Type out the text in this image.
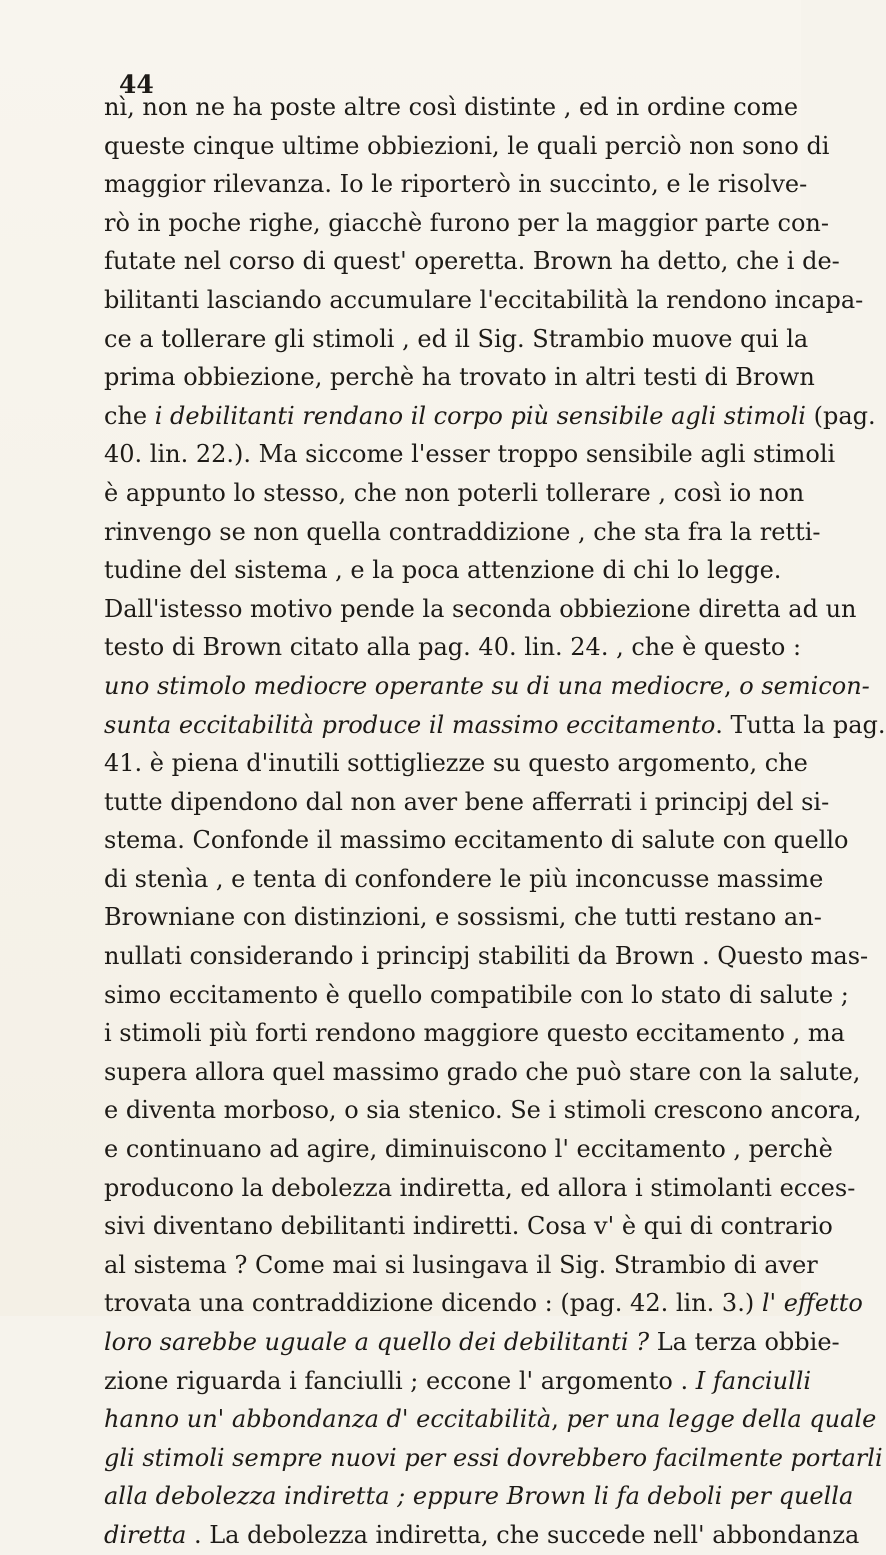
44
nì, non ne ha poste altre così distinte , ed in ordine come
queste cinque ultime obbiezioni, le quali perciò non sono di
maggior rilevanza. Io le riporterò in succinto, e le risolve-
rò in poche righe, giacchè furono per la maggior parte con-
futate nel corso di quest' operetta. Brown ha detto, che i de-
bilitanti lasciando accumulare l'eccitabilità la rendono incapa-
ce a tollerare gli stimoli , ed il Sig. Strambio muove qui la
prima obbiezione, perchè ha trovato in altri testi di Brown
che i debilitanti rendano il corpo più sensibile agli stimoli (pag.
40. lin. 22.). Ma siccome l'esser troppo sensibile agli stimoli
è appunto lo stesso, che non poterli tollerare , così io non
rinvengo se non quella contraddizione , che sta fra la retti-
tudine del sistema , e la poca attenzione di chi lo legge.
Dall'istesso motivo pende la seconda obbiezione diretta ad un
testo di Brown citato alla pag. 40. lin. 24. , che è questo :
uno stimolo mediocre operante su di una mediocre, o semicon-
sunta eccitabilità produce il massimo eccitamento. Tutta la pag.
41. è piena d'inutili sottigliezze su questo argomento, che
tutte dipendono dal non aver bene afferrati i principj del si-
stema. Confonde il massimo eccitamento di salute con quello
di stenìa , e tenta di confondere le più inconcusse massime
Browniane con distinzioni, e sossismi, che tutti restano an-
nullati considerando i principj stabiliti da Brown . Questo mas-
simo eccitamento è quello compatibile con lo stato di salute ;
i stimoli più forti rendono maggiore questo eccitamento , ma
supera allora quel massimo grado che può stare con la salute,
e diventa morboso, o sia stenico. Se i stimoli crescono ancora,
e continuano ad agire, diminuiscono l' eccitamento , perchè
producono la debolezza indiretta, ed allora i stimolanti ecces-
sivi diventano debilitanti indiretti. Cosa v' è qui di contrario
al sistema ? Come mai si lusingava il Sig. Strambio di aver
trovata una contraddizione dicendo : (pag. 42. lin. 3.) l' effetto
loro sarebbe uguale a quello dei debilitanti ? La terza obbie-
zione riguarda i fanciulli ; eccone l' argomento . I fanciulli
hanno un' abbondanza d' eccitabilità, per una legge della quale
gli stimoli sempre nuovi per essi dovrebbero facilmente portarli
alla debolezza indiretta ; eppure Brown li fa deboli per quella
diretta . La debolezza indiretta, che succede nell' abbondanza
